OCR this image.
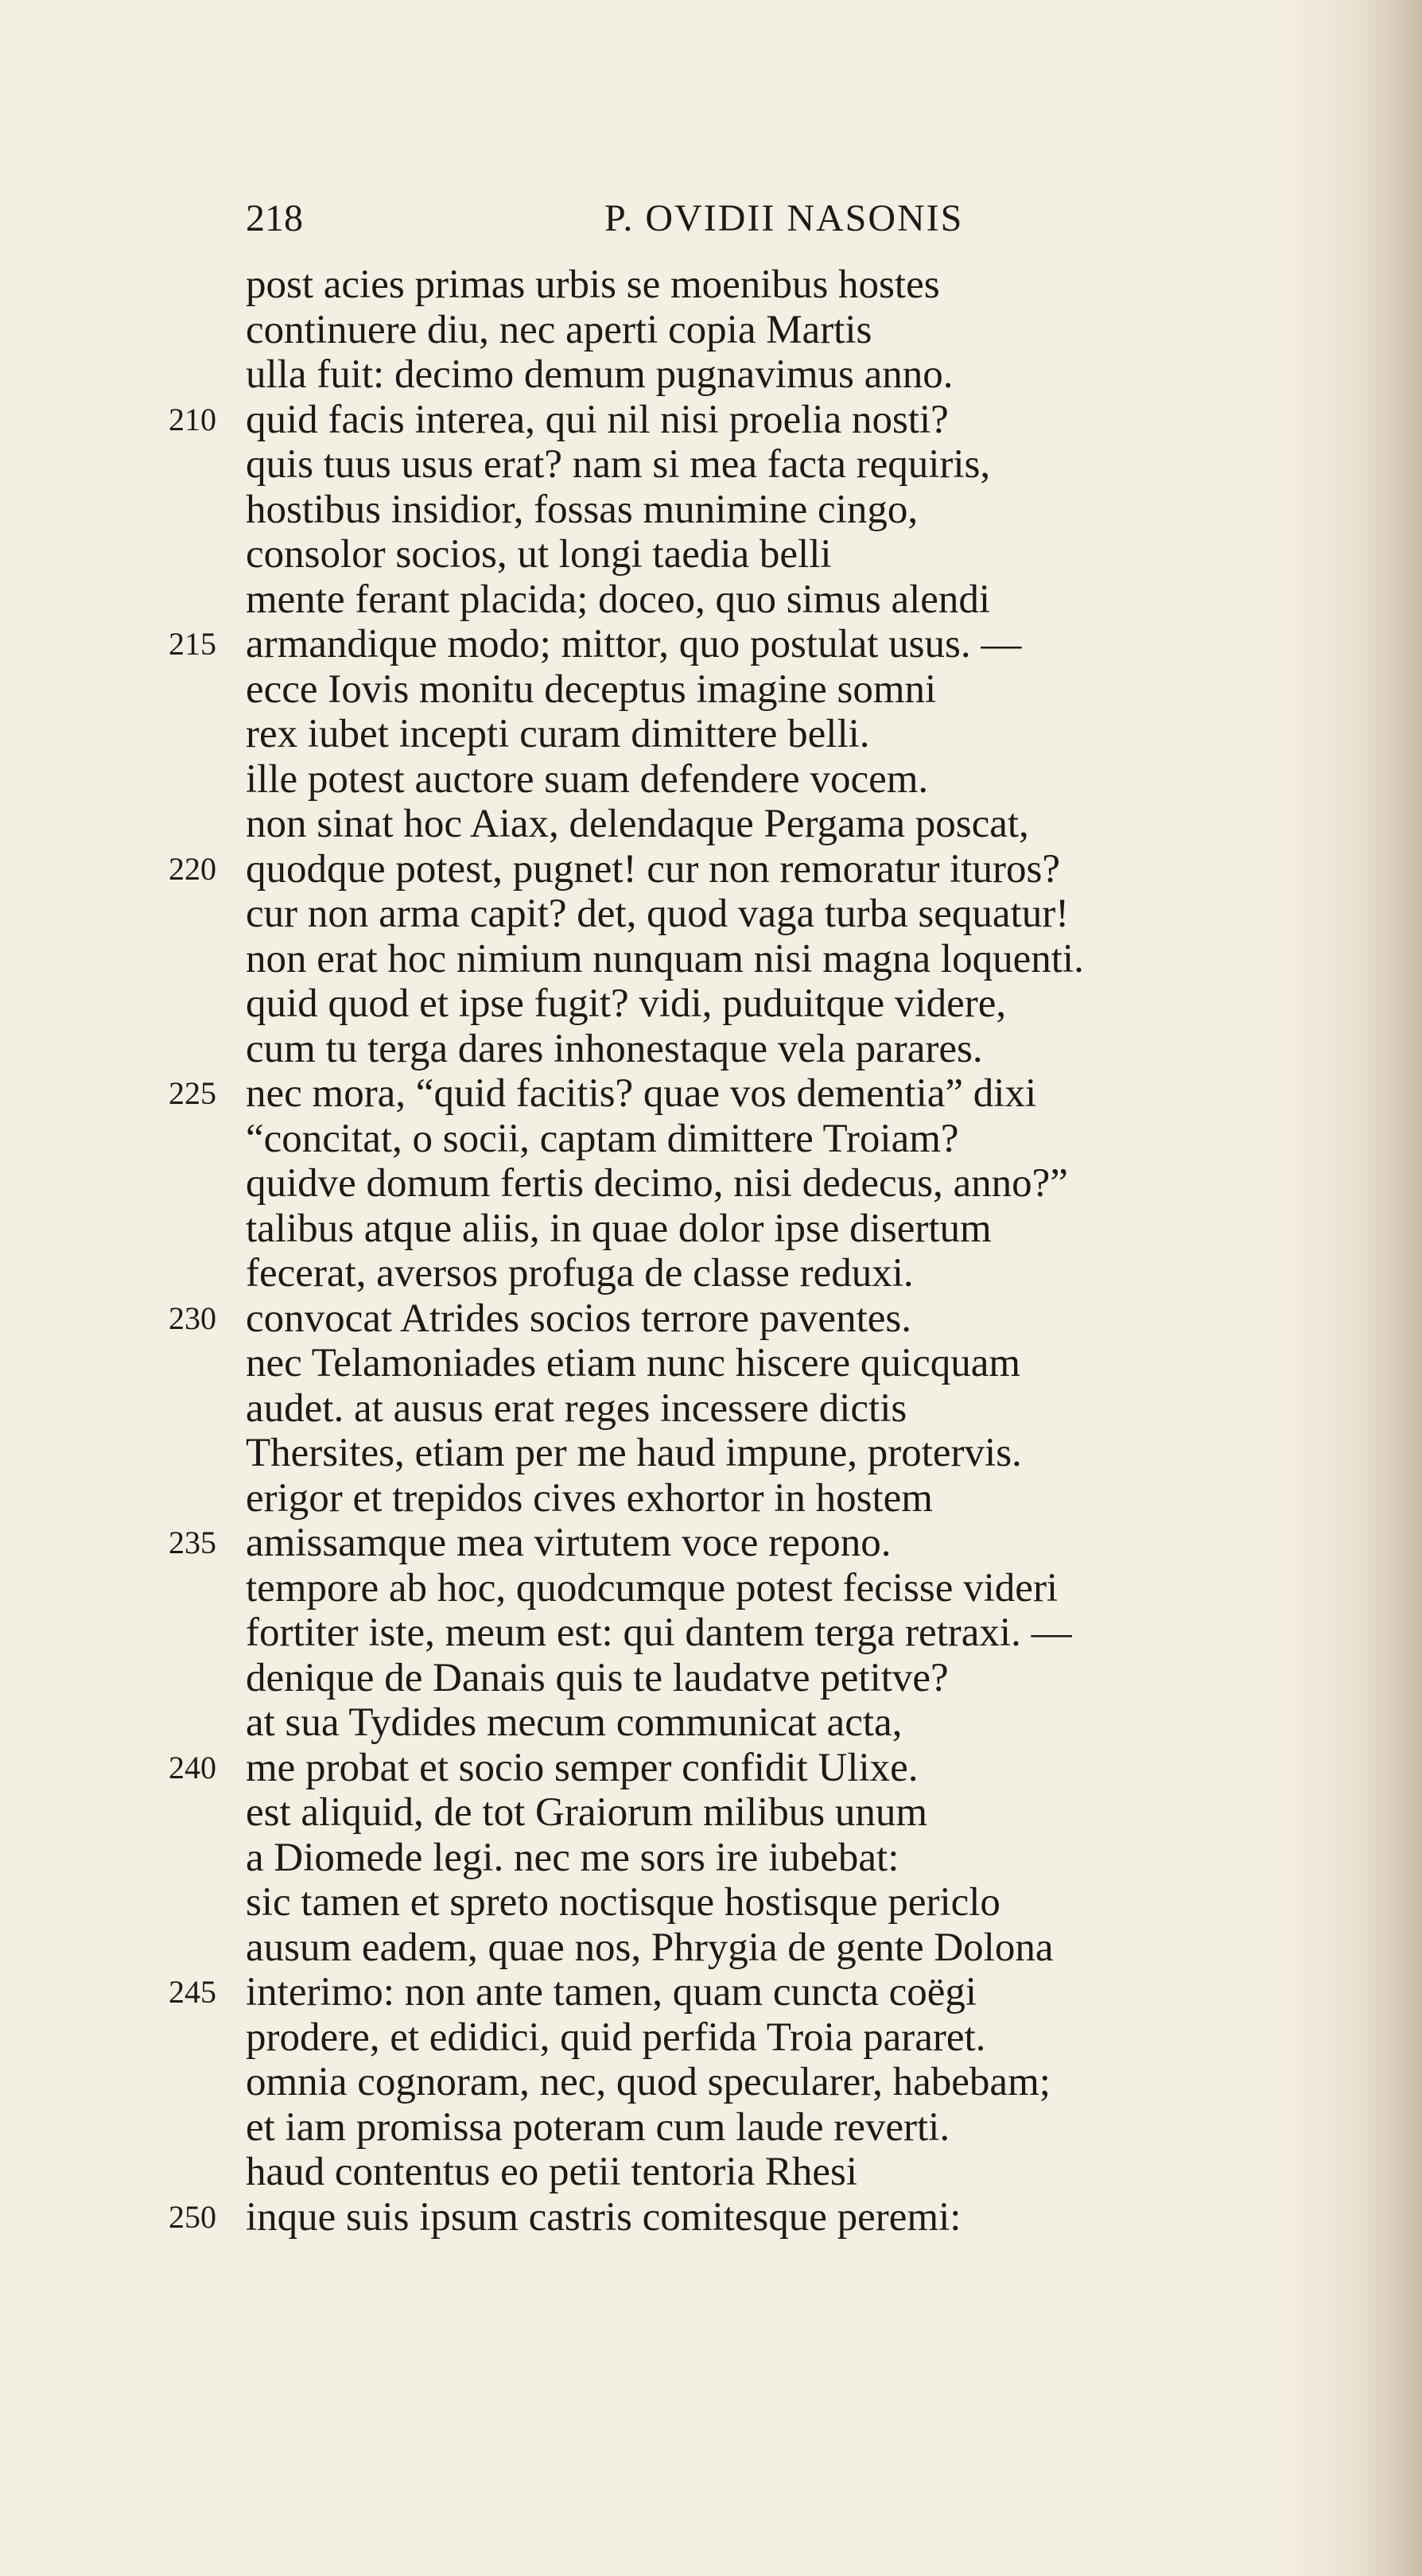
218	P. OVIDII NASONIS
post acies primas urbis se moenibus hostes
continuere diu, nec aperti copia Martis
ulla fuit: decimo demum pugnavimus anno.
210 quid facis interea, qui nil nisi proelia nosti?
quis tuus usus erat? nam si mea facta requiris,
hostibus insidior, fossas munimine cingo,
consolor socios, ut longi taedia belli
mente ferant placida; doceo, quo simus alendi
215 armandique modo; mittor, quo postulat usus. —
ecce Iovis monitu deceptus imagine somni
rex iubet incepti curam dimittere belli.
ille potest auctore suam defendere vocem.
non sinat hoc Aiax, delendaque Pergama poscat,
220 quodque potest, pugnet! cur non remoratur ituros?
cur non arma capit? det, quod vaga turba sequatur!
non erat hoc nimium nunquam nisi magna loquenti.
quid quod et ipse fugit? vidi, puduitque videre,
cum tu terga dares inhonestaque vela parares.
225 nec mora, “quid facitis? quae vos dementia” dixi
“concitat, o socii, captam dimittere Troiam?
quidve domum fertis decimo, nisi dedecus, anno?”
talibus atque aliis, in quae dolor ipse disertum
fecerat, aversos profuga de classe reduxi.
230 convocat Atrides socios terrore paventes.
nec Telamoniades etiam nunc hiscere quicquam
audet. at ausus erat reges incessere dictis
Thersites, etiam per me haud impune, protervis.
erigor et trepidos cives exhortor in hostem
235 amissamque mea virtutem voce repono.
tempore ab hoc, quodcumque potest fecisse videri
fortiter iste, meum est: qui dantem terga retraxi. —
denique de Danais quis te laudatve petitve?
at sua Tydides mecum communicat acta,
240 me probat et socio semper confidit Ulixe.
est aliquid, de tot Graiorum milibus unum
a Diomede legi. nec me sors ire iubebat:
sic tamen et spreto noctisque hostisque periclo
ausum eadem, quae nos, Phrygia de gente Dolona
245 interimo: non ante tamen, quam cuncta coëgi
prodere, et edidici, quid perfida Troia pararet.
omnia cognoram, nec, quod specularer, habebam;
et iam promissa poteram cum laude reverti.
haud contentus eo petii tentoria Rhesi
250 inque suis ipsum castris comitesque peremi:
